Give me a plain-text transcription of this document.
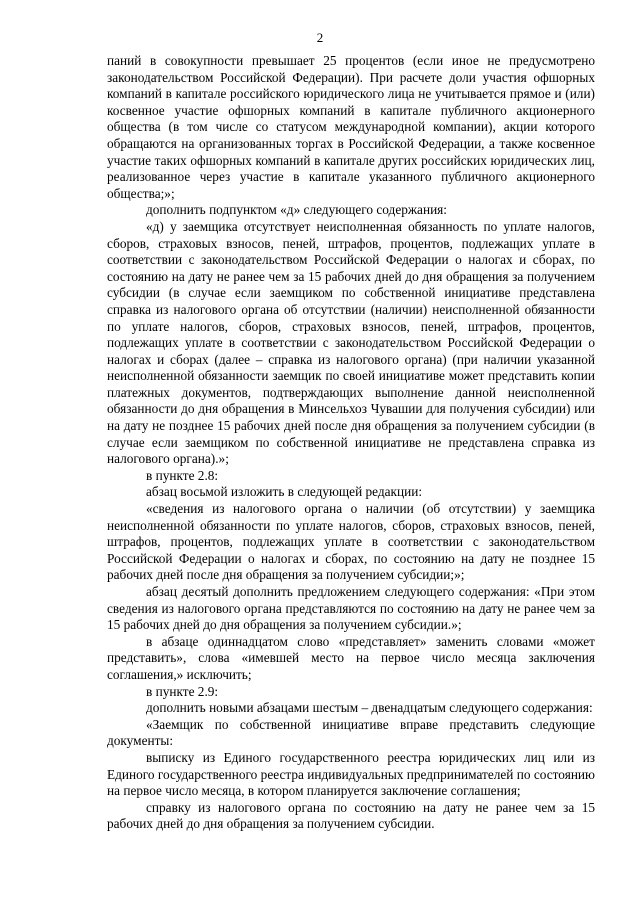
2

паний в совокупности превышает 25 процентов (если иное не предусмотрено законодательством Российской Федерации). При расчете доли участия офшорных компаний в капитале российского юридического лица не учитывается прямое и (или) косвенное участие офшорных компаний в капитале публичного акционерного общества (в том числе со статусом международной компании), акции которого обращаются на организованных торгах в Российской Федерации, а также косвенное участие таких офшорных компаний в капитале других российских юридических лиц, реализованное через участие в капитале указанного публичного акционерного общества;»;

дополнить подпунктом «д» следующего содержания:

«д) у заемщика отсутствует неисполненная обязанность по уплате налогов, сборов, страховых взносов, пеней, штрафов, процентов, подлежащих уплате в соответствии с законодательством Российской Федерации о налогах и сборах, по состоянию на дату не ранее чем за 15 рабочих дней до дня обращения за получением субсидии (в случае если заемщиком по собственной инициативе представлена справка из налогового органа об отсутствии (наличии) неисполненной обязанности по уплате налогов, сборов, страховых взносов, пеней, штрафов, процентов, подлежащих уплате в соответствии с законодательством Российской Федерации о налогах и сборах (далее – справка из налогового органа) (при наличии указанной неисполненной обязанности заемщик по своей инициативе может представить копии платежных документов, подтверждающих выполнение данной неисполненной обязанности до дня обращения в Минсельхоз Чувашии для получения субсидии) или на дату не позднее 15 рабочих дней после дня обращения за получением субсидии (в случае если заемщиком по собственной инициативе не представлена справка из налогового органа).»;

в пункте 2.8:

абзац восьмой изложить в следующей редакции:

«сведения из налогового органа о наличии (об отсутствии) у заемщика неисполненной обязанности по уплате налогов, сборов, страховых взносов, пеней, штрафов, процентов, подлежащих уплате в соответствии с законодательством Российской Федерации о налогах и сборах, по состоянию на дату не позднее 15 рабочих дней после дня обращения за получением субсидии;»;

абзац десятый дополнить предложением следующего содержания: «При этом сведения из налогового органа представляются по состоянию на дату не ранее чем за 15 рабочих дней до дня обращения за получением субсидии.»;

в абзаце одиннадцатом слово «представляет» заменить словами «может представить», слова «имевшей место на первое число месяца заключения соглашения,» исключить;

в пункте 2.9:

дополнить новыми абзацами шестым – двенадцатым следующего содержания:

«Заемщик по собственной инициативе вправе представить следующие документы:

выписку из Единого государственного реестра юридических лиц или из Единого государственного реестра индивидуальных предпринимателей по состоянию на первое число месяца, в котором планируется заключение соглашения;

справку из налогового органа по состоянию на дату не ранее чем за 15 рабочих дней до дня обращения за получением субсидии.
